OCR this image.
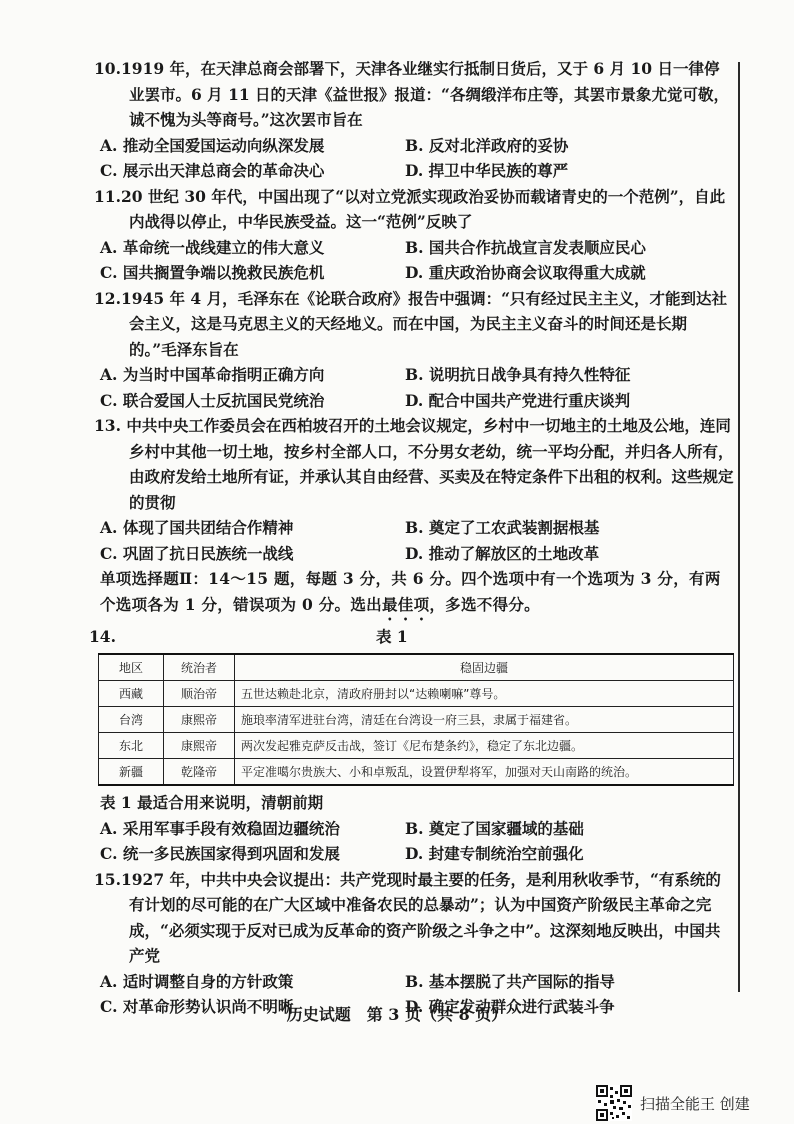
10.1919 年，在天津总商会部署下，天津各业继实行抵制日货后，又于 6 月 10 日一律停业罢市。6 月 11 日的天津《益世报》报道：“各绸缎洋布庄等，其罢市景象尤觉可敬，诚不愧为头等商号。”这次罢市旨在
A. 推动全国爱国运动向纵深发展	B. 反对北洋政府的妥协
C. 展示出天津总商会的革命决心	D. 捍卫中华民族的尊严
11.20 世纪 30 年代，中国出现了“以对立党派实现政治妥协而载诸青史的一个范例”，自此内战得以停止，中华民族受益。这一“范例”反映了
A. 革命统一战线建立的伟大意义	B. 国共合作抗战宣言发表顺应民心
C. 国共搁置争端以挽救民族危机	D. 重庆政治协商会议取得重大成就
12.1945 年 4 月，毛泽东在《论联合政府》报告中强调：“只有经过民主主义，才能到达社会主义，这是马克思主义的天经地义。而在中国，为民主主义奋斗的时间还是长期的。”毛泽东旨在
A. 为当时中国革命指明正确方向	B. 说明抗日战争具有持久性特征
C. 联合爱国人士反抗国民党统治	D. 配合中国共产党进行重庆谈判
13. 中共中央工作委员会在西柏坡召开的土地会议规定，乡村中一切地主的土地及公地，连同乡村中其他一切土地，按乡村全部人口，不分男女老幼，统一平均分配，并归各人所有，由政府发给土地所有证，并承认其自由经营、买卖及在特定条件下出租的权利。这些规定的贯彻
A. 体现了国共团结合作精神	B. 奠定了工农武装割据根基
C. 巩固了抗日民族统一战线	D. 推动了解放区的土地改革
单项选择题Ⅱ：14～15 题，每题 3 分，共 6 分。四个选项中有一个选项为 3 分，有两个选项各为 1 分，错误项为 0 分。选出最佳项，多选不得分。
14.	表 1
地区	统治者	稳固边疆
西藏	顺治帝	五世达赖赴北京，清政府册封以“达赖喇嘛”尊号。
台湾	康熙帝	施琅率清军进驻台湾，清廷在台湾设一府三县，隶属于福建省。
东北	康熙帝	两次发起雅克萨反击战，签订《尼布楚条约》，稳定了东北边疆。
新疆	乾隆帝	平定准噶尔贵族大、小和卓叛乱，设置伊犁将军，加强对天山南路的统治。
表 1 最适合用来说明，清朝前期
A. 采用军事手段有效稳固边疆统治	B. 奠定了国家疆域的基础
C. 统一多民族国家得到巩固和发展	D. 封建专制统治空前强化
15.1927 年，中共中央会议提出：共产党现时最主要的任务，是利用秋收季节，“有系统的有计划的尽可能的在广大区域中准备农民的总暴动”；认为中国资产阶级民主革命之完成，“必须实现于反对已成为反革命的资产阶级之斗争之中”。这深刻地反映出，中国共产党
A. 适时调整自身的方针政策	B. 基本摆脱了共产国际的指导
C. 对革命形势认识尚不明晰	D. 确定发动群众进行武装斗争
历史试题　第 3 页（共 8 页）
扫描全能王 创建
